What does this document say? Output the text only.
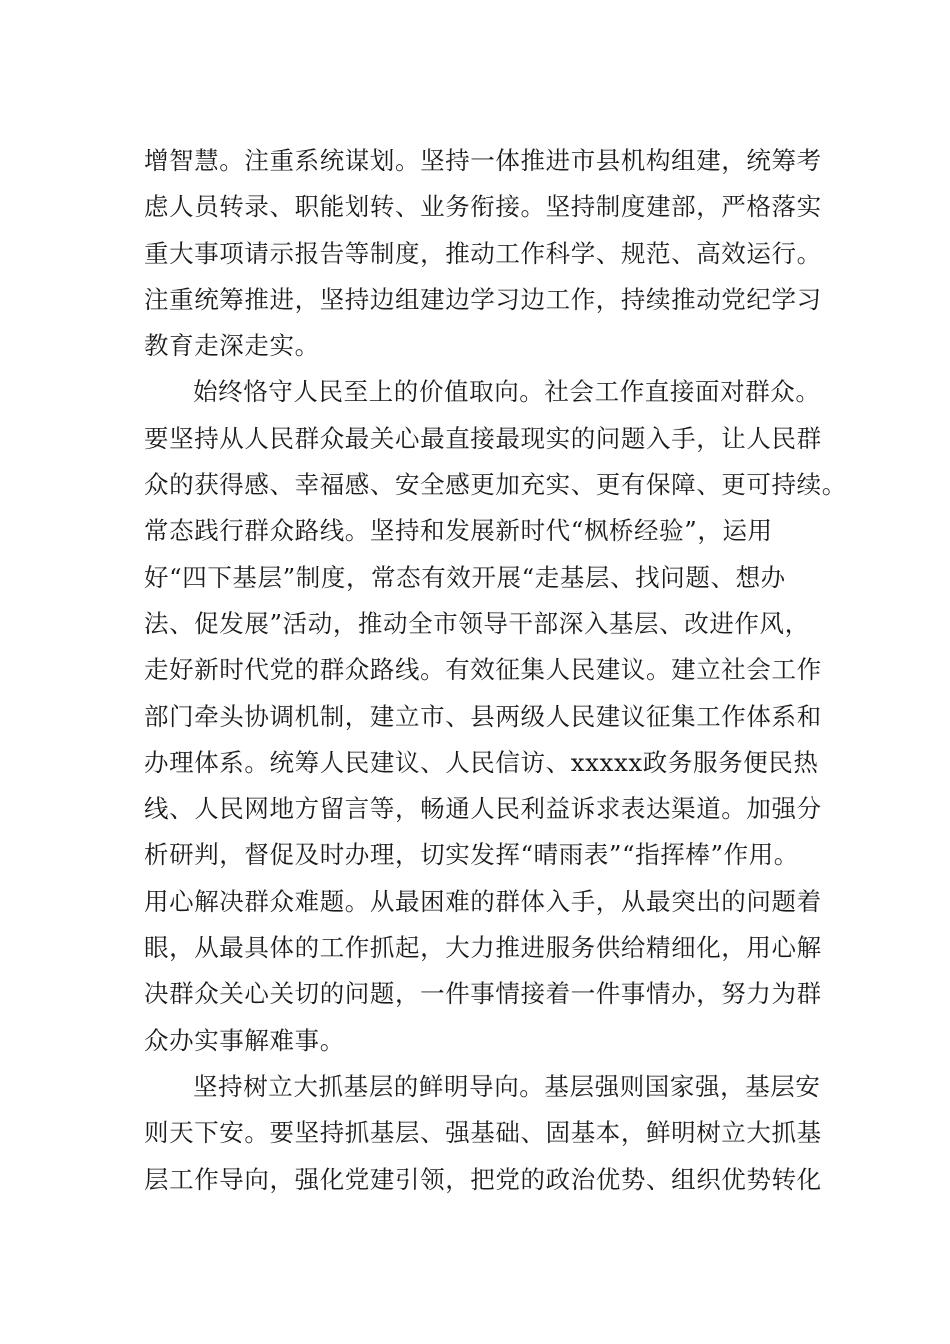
增智慧。注重系统谋划。坚持一体推进市县机构组建，统筹考
虑人员转录、职能划转、业务衔接。坚持制度建部，严格落实
重大事项请示报告等制度，推动工作科学、规范、高效运行。
注重统筹推进，坚持边组建边学习边工作，持续推动党纪学习
教育走深走实。
始终恪守人民至上的价值取向。社会工作直接面对群众。
要坚持从人民群众最关心最直接最现实的问题入手，让人民群
众的获得感、幸福感、安全感更加充实、更有保障、更可持续。
常态践行群众路线。坚持和发展新时代“枫桥经验”，运用
好“四下基层”制度，常态有效开展“走基层、找问题、想办
法、促发展”活动，推动全市领导干部深入基层、改进作风，
走好新时代党的群众路线。有效征集人民建议。建立社会工作
部门牵头协调机制，建立市、县两级人民建议征集工作体系和
办理体系。统筹人民建议、人民信访、xxxxx政务服务便民热
线、人民网地方留言等，畅通人民利益诉求表达渠道。加强分
析研判，督促及时办理，切实发挥“晴雨表”“指挥棒”作用。
用心解决群众难题。从最困难的群体入手，从最突出的问题着
眼，从最具体的工作抓起，大力推进服务供给精细化，用心解
决群众关心关切的问题，一件事情接着一件事情办，努力为群
众办实事解难事。
坚持树立大抓基层的鲜明导向。基层强则国家强，基层安
则天下安。要坚持抓基层、强基础、固基本，鲜明树立大抓基
层工作导向，强化党建引领，把党的政治优势、组织优势转化
